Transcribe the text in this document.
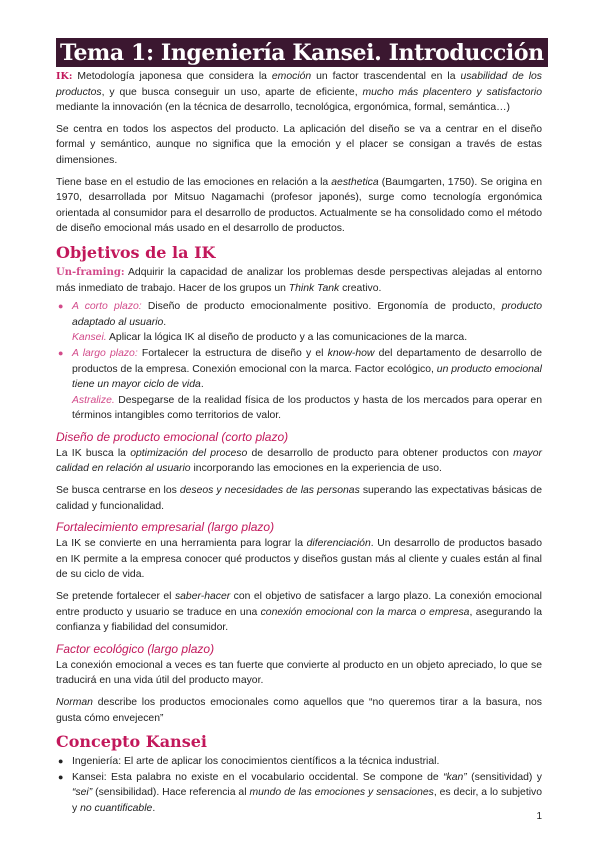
Tema 1: Ingeniería Kansei. Introducción

IK: Metodología japonesa que considera la emoción un factor trascendental en la usabilidad de los productos, y que busca conseguir un uso, aparte de eficiente, mucho más placentero y satisfactorio mediante la innovación (en la técnica de desarrollo, tecnológica, ergonómica, formal, semántica…)

Se centra en todos los aspectos del producto. La aplicación del diseño se va a centrar en el diseño formal y semántico, aunque no significa que la emoción y el placer se consigan a través de estas dimensiones.

Tiene base en el estudio de las emociones en relación a la aesthetica (Baumgarten, 1750). Se origina en 1970, desarrollada por Mitsuo Nagamachi (profesor japonés), surge como tecnología ergonómica orientada al consumidor para el desarrollo de productos. Actualmente se ha consolidado como el método de diseño emocional más usado en el desarrollo de productos.

Objetivos de la IK

Un-framing: Adquirir la capacidad de analizar los problemas desde perspectivas alejadas al entorno más inmediato de trabajo. Hacer de los grupos un Think Tank creativo.

● A corto plazo: Diseño de producto emocionalmente positivo. Ergonomía de producto, producto adaptado al usuario.
Kansei. Aplicar la lógica IK al diseño de producto y a las comunicaciones de la marca.
● A largo plazo: Fortalecer la estructura de diseño y el know-how del departamento de desarrollo de productos de la empresa. Conexión emocional con la marca. Factor ecológico, un producto emocional tiene un mayor ciclo de vida.
Astralize. Despegarse de la realidad física de los productos y hasta de los mercados para operar en términos intangibles como territorios de valor.
Diseño de producto emocional (corto plazo)

La IK busca la optimización del proceso de desarrollo de producto para obtener productos con mayor calidad en relación al usuario incorporando las emociones en la experiencia de uso.

Se busca centrarse en los deseos y necesidades de las personas superando las expectativas básicas de calidad y funcionalidad.

Fortalecimiento empresarial (largo plazo)

La IK se convierte en una herramienta para lograr la diferenciación. Un desarrollo de productos basado en IK permite a la empresa conocer qué productos y diseños gustan más al cliente y cuales están al final de su ciclo de vida.

Se pretende fortalecer el saber-hacer con el objetivo de satisfacer a largo plazo. La conexión emocional entre producto y usuario se traduce en una conexión emocional con la marca o empresa, asegurando la confianza y fiabilidad del consumidor.

Factor ecológico (largo plazo)

La conexión emocional a veces es tan fuerte que convierte al producto en un objeto apreciado, lo que se traducirá en una vida útil del producto mayor.

Norman describe los productos emocionales como aquellos que “no queremos tirar a la basura, nos gusta cómo envejecen”

Concepto Kansei
● Ingeniería: El arte de aplicar los conocimientos científicos a la técnica industrial.
● Kansei: Esta palabra no existe en el vocabulario occidental. Se compone de “kan” (sensitividad) y “sei” (sensibilidad). Hace referencia al mundo de las emociones y sensaciones, es decir, a lo subjetivo y no cuantificable.
1
